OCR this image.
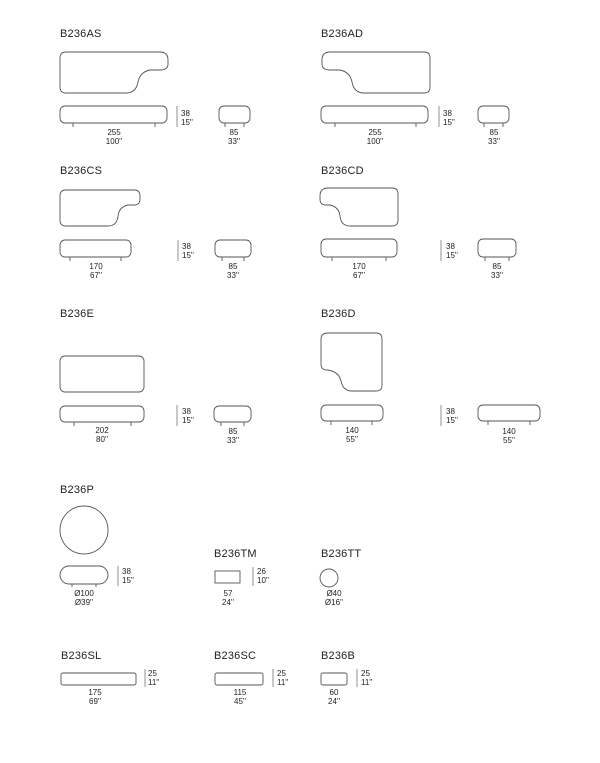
B236AS
255
100''
38
15''
85
33''
B236AD
255
100''
38
15''
85
33''
B236CS
170
67''
38
15''
85
33''
B236CD
170
67''
38
15''
85
33''
B236E
202
80''
38
15''
85
33''
B236D
140
55''
38
15''
140
55''
B236P
Ø100
Ø39''
38
15''
B236TM
57
24''
26
10''
B236TT
Ø40
Ø16''
B236SL
175
69''
25
11''
B236SC
115
45''
25
11''
B236B
60
24''
25
11''
